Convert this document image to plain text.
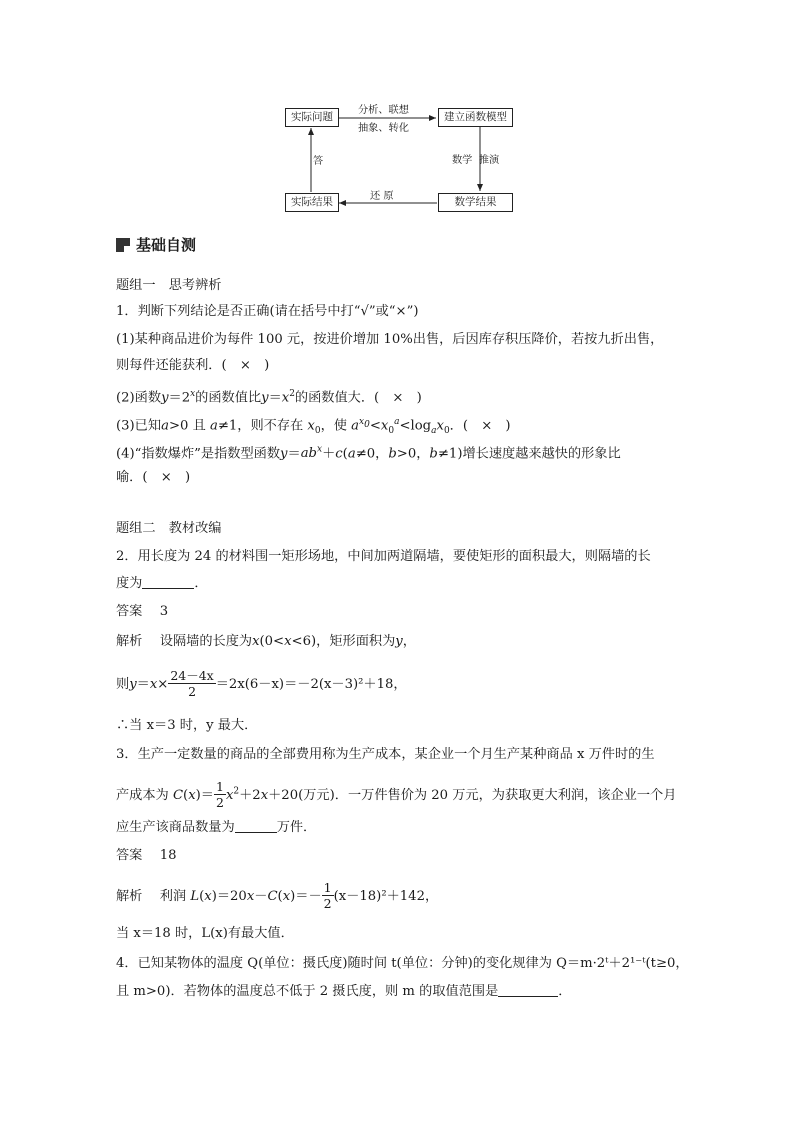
实际问题	建立函数模型
数学结果
实际结果
分析、联想
抽象、转化
数学  推演
还 原
答
基础自测
题组一　思考辨析
1．判断下列结论是否正确(请在括号中打“√”或“×”)
(1)某种商品进价为每件 100 元，按进价增加 10%出售，后因库存积压降价，若按九折出售，
则每件还能获利．(　×　)
(2)函数$y=2^x$的函数值比$y=x^2$的函数值大．(　×　)
(3)已知a>0 且 a≠1，则不存在 $x_0$，使 $a^{x_0}<x_0^a<\log_ax_0$．(　×　)
(4)“指数爆炸”是指数型函数$y=ab^x+c(a\ne 0$，b>0，b≠1)增长速度越来越快的形象比
喻．(　×　)
题组二　教材改编
2．用长度为 24 的材料围一矩形场地，中间加两道隔墙，要使矩形的面积最大，则隔墙的长
度为	．
答案　 3
解析　 设隔墙的长度为x(0<x<6)，矩形面积为y，
则$y=x\times \frac{24-4x}{2} =2x(6-x)=-2(x-3)^2+18$，
∴当 x＝3 时，y 最大．
3．生产一定数量的商品的全部费用称为生产成本，某企业一个月生产某种商品 x 万件时的生
产成本为 $C(x)= \frac{1}{2} x^2+2x+20$(万元)．一万件售价为 20 万元，为获取更大利润，该企业一个月
应生产该商品数量为	万件．
答案　 18
解析　 利润 $L(x)=20x-C(x)=- \frac{1}{2} (x-18)^2+142$，
当 x＝18 时，L(x)有最大值．
4．已知某物体的温度 Q(单位：摄氏度)随时间 t(单位：分钟)的变化规律为 Q＝m·2ᵗ＋2¹⁻ᵗ(t≥0，
且 m>0)．若物体的温度总不低于 2 摄氏度，则 m 的取值范围是	．
